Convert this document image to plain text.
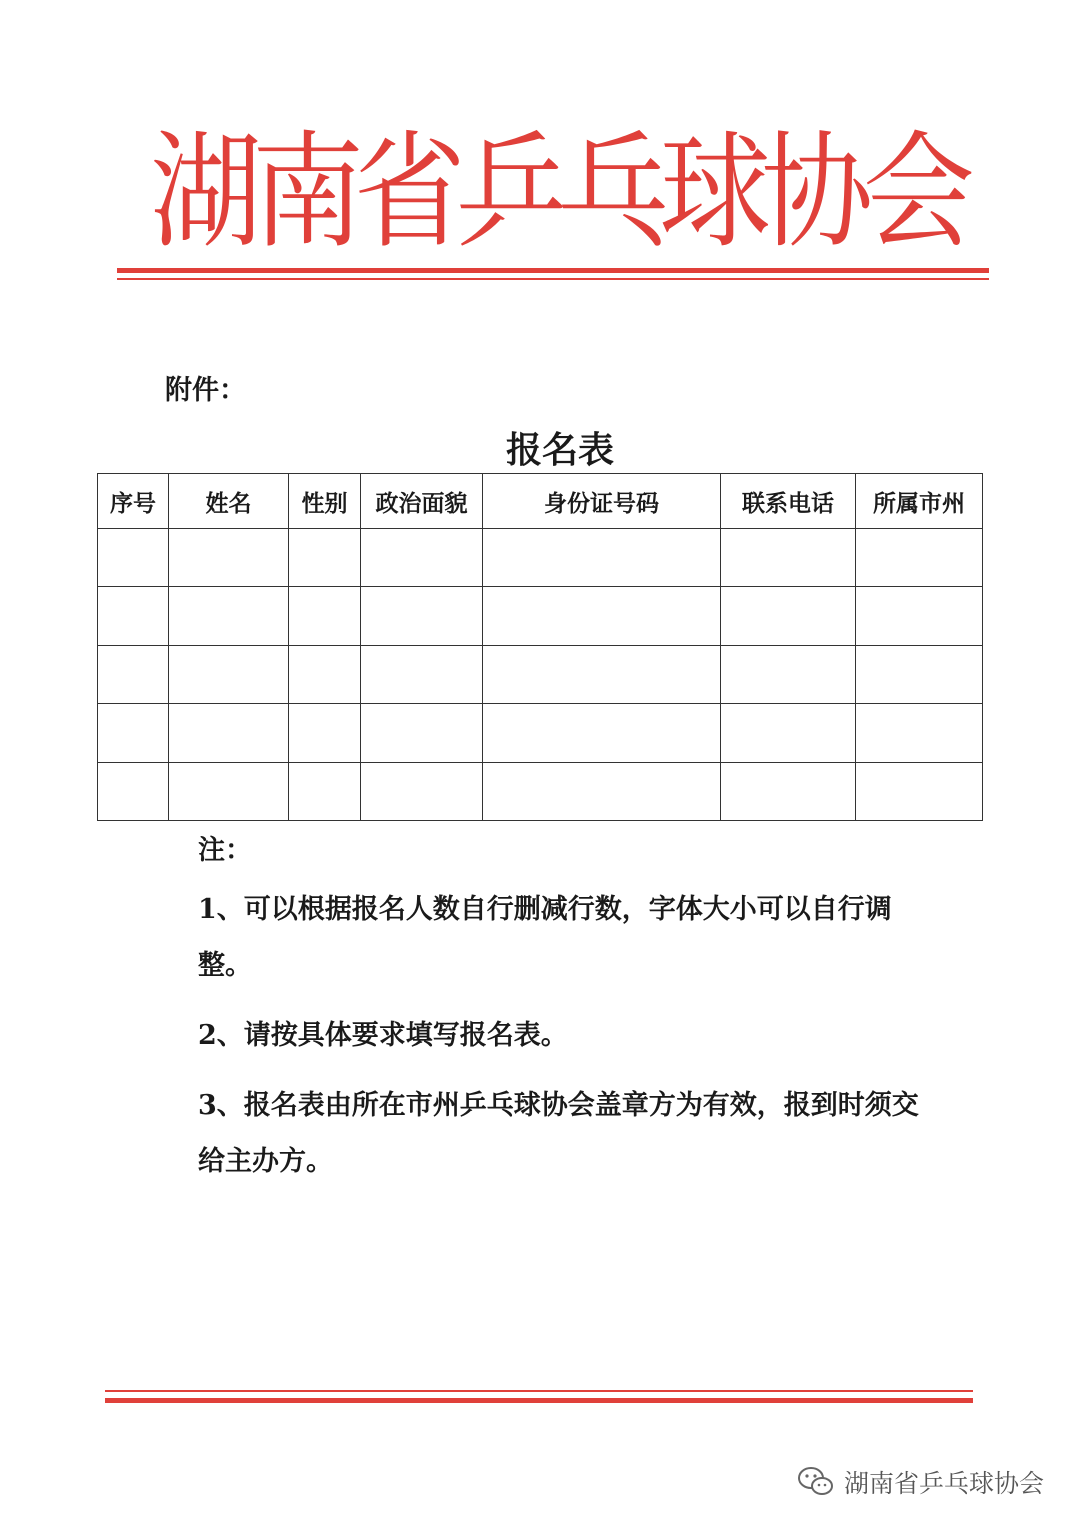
湖
南
省
乒
乓
球
协
会
附件：
报名表
序号	姓名	性别	政治面貌	身份证号码	联系电话	所属市州

注：
1、可以根据报名人数自行删减行数，字体大小可以自行调整。
2、请按具体要求填写报名表。
3、报名表由所在市州乒乓球协会盖章方为有效，报到时须交给主办方。
湖南省乒乓球协会
